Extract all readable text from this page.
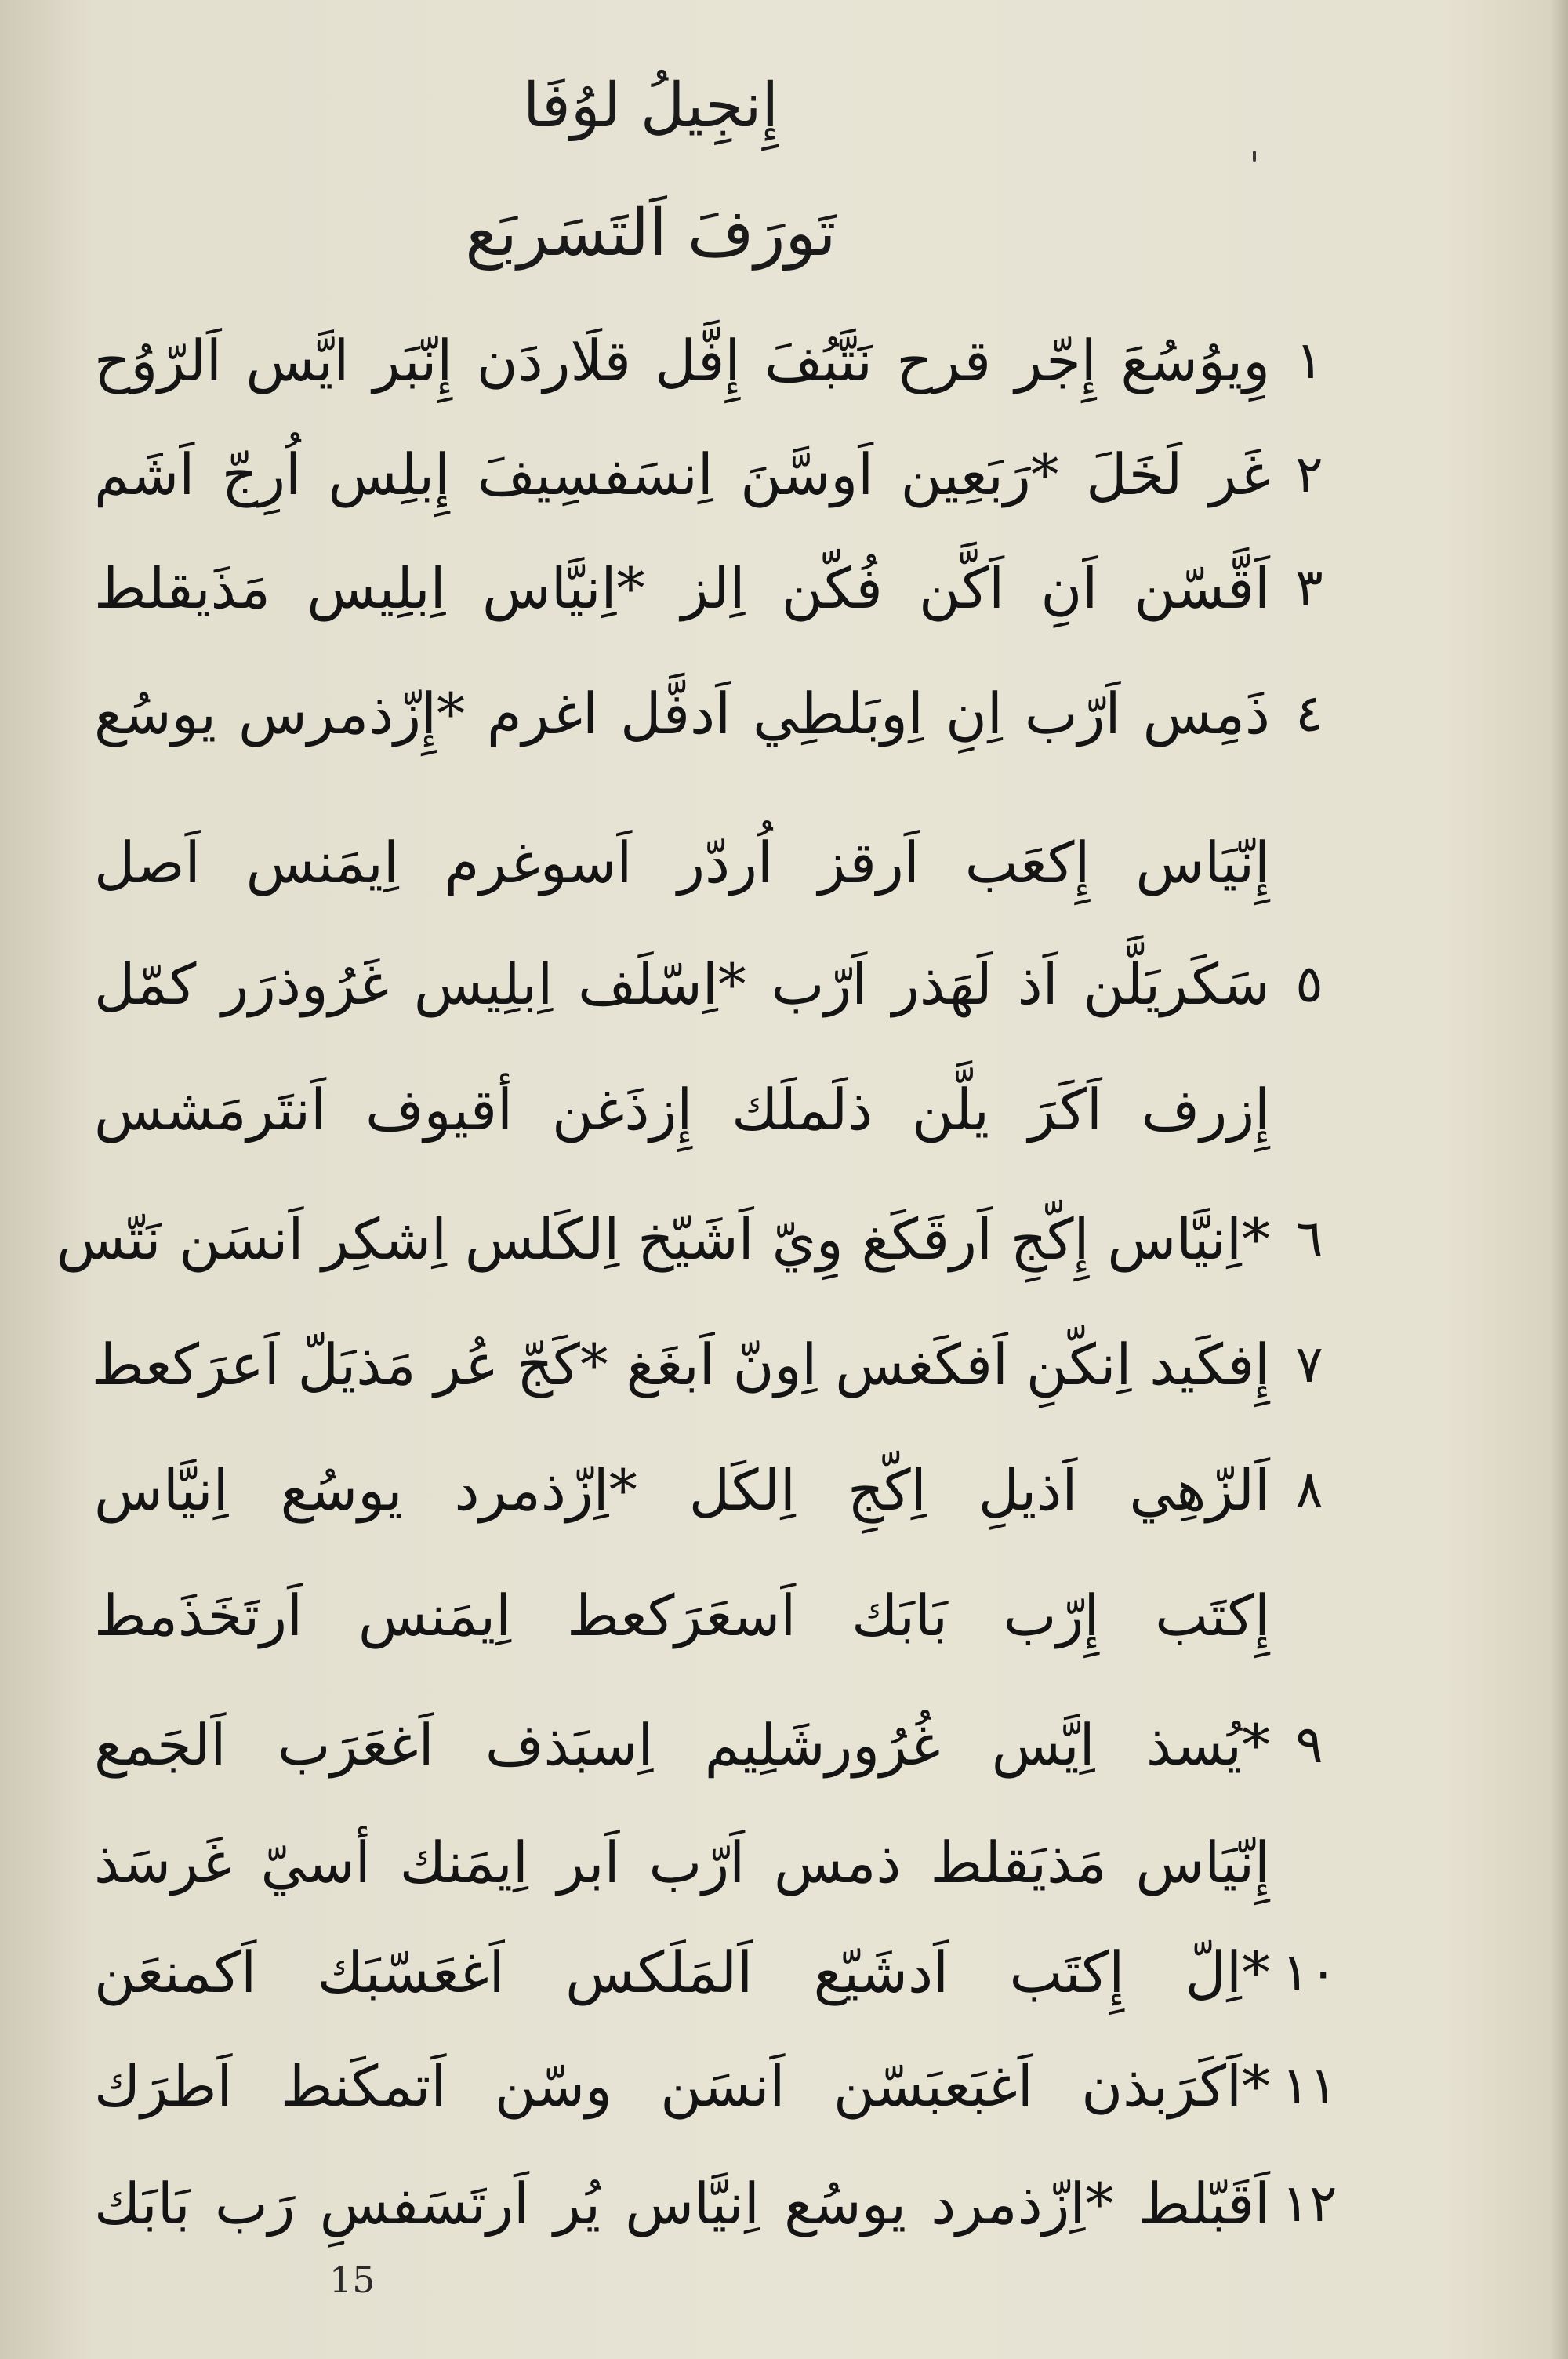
إِنجِيلُ لوُفَا
تَورَفَ اَلتَسَربَع
١
وِيوُسُعَ إِجّر قرح نَتَّبُفَ إِفَّل قلَاردَن إِنّبَر ايَّس اَلرّوُح
٢
غَر لَخَلَ *رَبَعِين اَوسَّنَ اِنسَفسِيفَ إِبلِس اُرِجّ اَشَم
٣
اَقَّسّن اَنِ اَكَّن فُكّن اِلز *اِنيَّاس اِبلِيس مَذَيقلط
٤
ذَمِس اَرّب اِنِ اِوبَلطِي اَدفَّل اغرم *إِزّذمرس يوسُع
إِنّيَاس إِكعَب اَرقز اُردّر اَسوغرم اِيمَنس اَصل
٥
سَكَريَلَّن اَذ لَهَذر اَرّب *اِسّلَف اِبلِيس غَرُوذرَر كمّل
إِزرف اَكَرَ يلَّن ذلَملَك إِزذَغن أقيوف اَنتَرمَشس
٦
*اِنيَّاس إِكّجِ اَرقَكَغ وِيّ اَشَيّخ اِلكَلس اِشكِر اَنسَن نَتّس
٧
إِفكَيد اِنكّنِ اَفكَغس اِونّ اَبغَغ *كَجّ عُر مَذيَلّ اَعرَكعط
٨
اَلزّهِي اَذيلِ اِكّجِ اِلكَل *اِزّذمرد يوسُع اِنيَّاس
إِكتَب إِرّب بَابَك اَسعَرَكعط اِيمَنس اَرتَخَذَمط
٩
*يُسذ اِيَّس غُرُورشَلِيم اِسبَذف اَغعَرَب اَلجَمع
إِنّيَاس مَذيَقلط ذمس اَرّب اَبر اِيمَنك أسيّ غَرسَذ
١٠
*اِلّ إِكتَب اَدشَيّع اَلمَلَكس اَغعَسّبَك اَكمنعَن
١١
*اَكَرَبذن اَغبَعبَسّن اَنسَن وسّن اَتمكَنط اَطرَك
١٢
اَقَبّلط *اِزّذمرد يوسُع اِنيَّاس يُر اَرتَسَفسِ رَب بَابَك
15
